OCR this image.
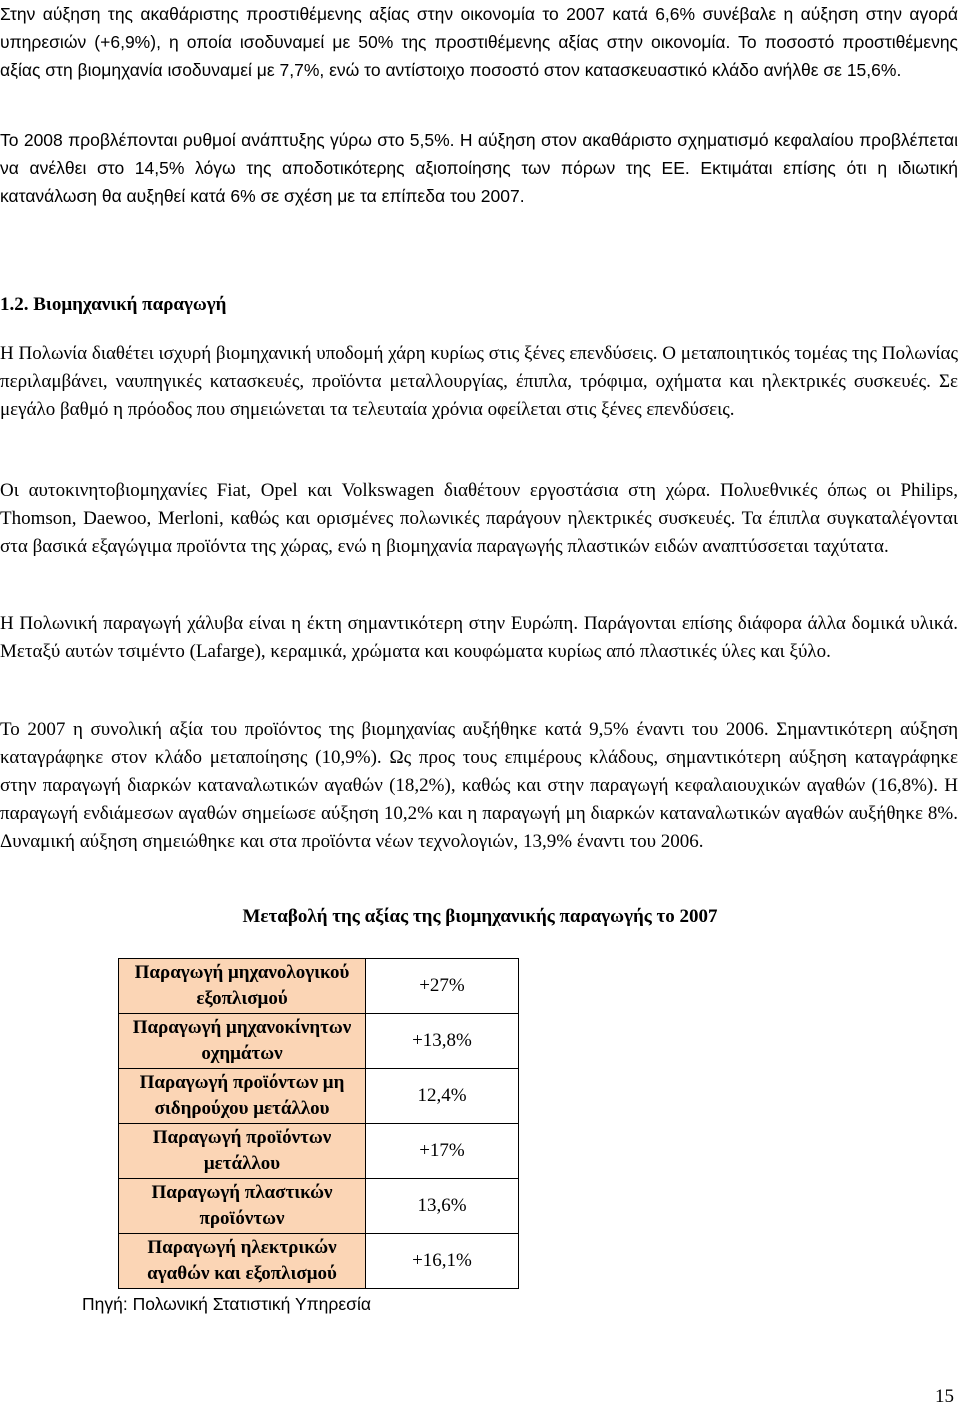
Στην αύξηση της ακαθάριστης προστιθέμενης αξίας στην οικονομία το 2007 κατά 6,6% συνέβαλε η αύξηση στην αγορά υπηρεσιών (+6,9%), η οποία ισοδυναμεί με 50% της προστιθέμενης αξίας στην οικονομία. Το ποσοστό προστιθέμενης αξίας στη βιομηχανία ισοδυναμεί με 7,7%, ενώ το αντίστοιχο ποσοστό στον κατασκευαστικό κλάδο ανήλθε σε 15,6%.

Το 2008 προβλέπονται ρυθμοί ανάπτυξης γύρω στο 5,5%. Η αύξηση στον ακαθάριστο σχηματισμό κεφαλαίου προβλέπεται να ανέλθει στο 14,5% λόγω της αποδοτικότερης αξιοποίησης των πόρων της ΕΕ. Εκτιμάται επίσης ότι η ιδιωτική κατανάλωση θα αυξηθεί κατά 6% σε σχέση με τα επίπεδα του 2007.

1.2. Βιομηχανική παραγωγή

Η Πολωνία διαθέτει ισχυρή βιομηχανική υποδομή χάρη κυρίως στις ξένες επενδύσεις. Ο μεταποιητικός τομέας της Πολωνίας περιλαμβάνει, ναυπηγικές κατασκευές, προϊόντα μεταλλουργίας, έπιπλα, τρόφιμα, οχήματα και ηλεκτρικές συσκευές. Σε μεγάλο βαθμό η πρόοδος που σημειώνεται τα τελευταία χρόνια οφείλεται στις ξένες επενδύσεις.

Οι αυτοκινητοβιομηχανίες Fiat, Opel και Volkswagen διαθέτουν εργοστάσια στη χώρα. Πολυεθνικές όπως οι Philips, Thomson, Daewoo, Merloni, καθώς και ορισμένες πολωνικές παράγουν ηλεκτρικές συσκευές. Τα έπιπλα συγκαταλέγονται στα βασικά εξαγώγιμα προϊόντα της χώρας, ενώ η βιομηχανία παραγωγής πλαστικών ειδών αναπτύσσεται ταχύτατα.

Η Πολωνική παραγωγή χάλυβα είναι η έκτη σημαντικότερη στην Ευρώπη. Παράγονται επίσης διάφορα άλλα δομικά υλικά. Μεταξύ αυτών τσιμέντο (Lafarge), κεραμικά, χρώματα και κουφώματα κυρίως από πλαστικές ύλες και ξύλο.

Το 2007 η συνολική αξία του προϊόντος της βιομηχανίας αυξήθηκε κατά 9,5% έναντι του 2006. Σημαντικότερη αύξηση καταγράφηκε στον κλάδο μεταποίησης (10,9%). Ως προς τους επιμέρους κλάδους, σημαντικότερη αύξηση καταγράφηκε στην παραγωγή διαρκών καταναλωτικών αγαθών (18,2%), καθώς και στην παραγωγή κεφαλαιουχικών αγαθών (16,8%). Η παραγωγή ενδιάμεσων αγαθών σημείωσε αύξηση 10,2% και η παραγωγή μη διαρκών καταναλωτικών αγαθών αυξήθηκε 8%. Δυναμική αύξηση σημειώθηκε και στα προϊόντα νέων τεχνολογιών, 13,9% έναντι του 2006.

Μεταβολή της αξίας της βιομηχανικής παραγωγής το 2007

Παραγωγή μηχανολογικού εξοπλισμού	+27%
Παραγωγή μηχανοκίνητων οχημάτων	+13,8%
Παραγωγή προϊόντων μη σιδηρούχου μετάλλου	12,4%
Παραγωγή προϊόντων μετάλλου	+17%
Παραγωγή πλαστικών προϊόντων	13,6%
Παραγωγή ηλεκτρικών αγαθών και εξοπλισμού	+16,1%

Πηγή: Πολωνική Στατιστική Υπηρεσία

15
